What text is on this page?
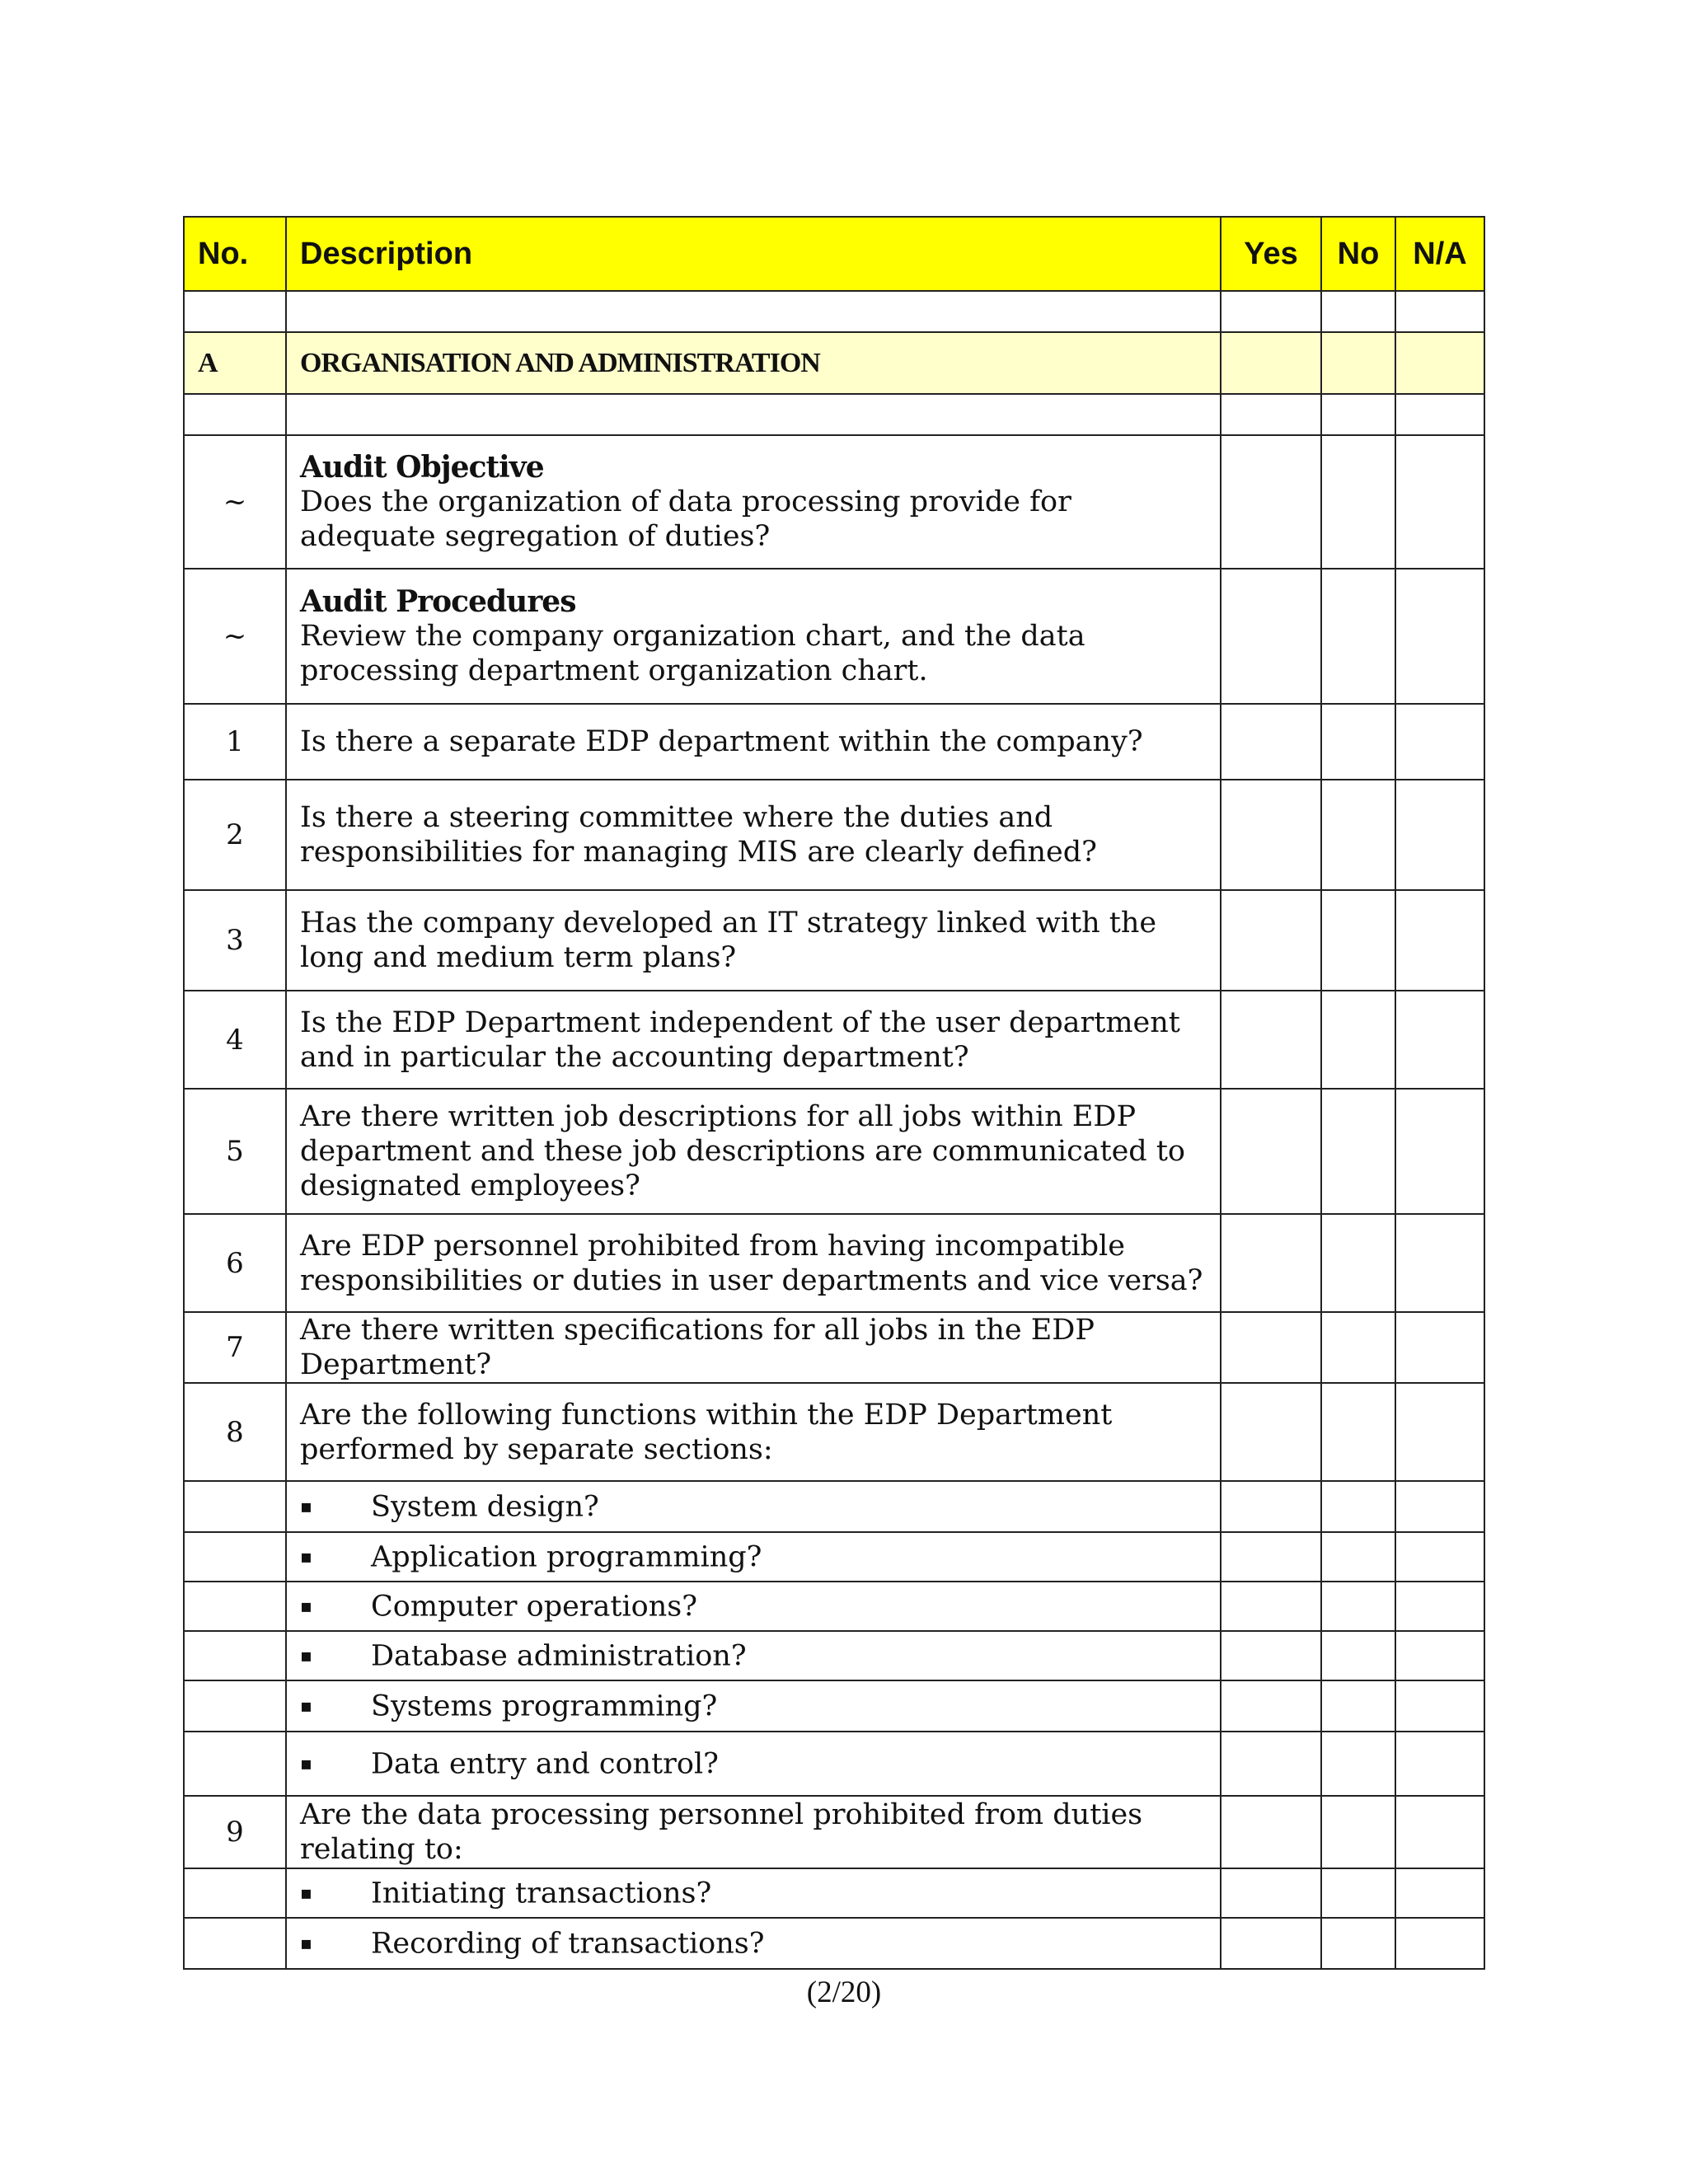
No.	Description	Yes	No	N/A

A	ORGANISATION AND ADMINISTRATION			

~	Audit Objective
Does the organization of data processing provide for adequate segregation of duties?			
~	Audit Procedures
Review the company organization chart, and the data processing department organization chart.			
1	Is there a separate EDP department within the company?			
2	Is there a steering committee where the duties and responsibilities for managing MIS are clearly defined?			
3	Has the company developed an IT strategy linked with the long and medium term plans?			
4	Is the EDP Department independent of the user department and in particular the accounting department?			
5	Are there written job descriptions for all jobs within EDP department and these job descriptions are communicated to designated employees?			
6	Are EDP personnel prohibited from having incompatible responsibilities or duties in user departments and vice versa?			
7	Are there written specifications for all jobs in the EDP Department?			
8	Are the following functions within the EDP Department performed by separate sections:			
	▪ System design?			
	▪ Application programming?			
	▪ Computer operations?			
	▪ Database administration?			
	▪ Systems programming?			
	▪ Data entry and control?			
9	Are the data processing personnel prohibited from duties relating to:			
	▪ Initiating transactions?			
	▪ Recording of transactions?			
(2/20)
